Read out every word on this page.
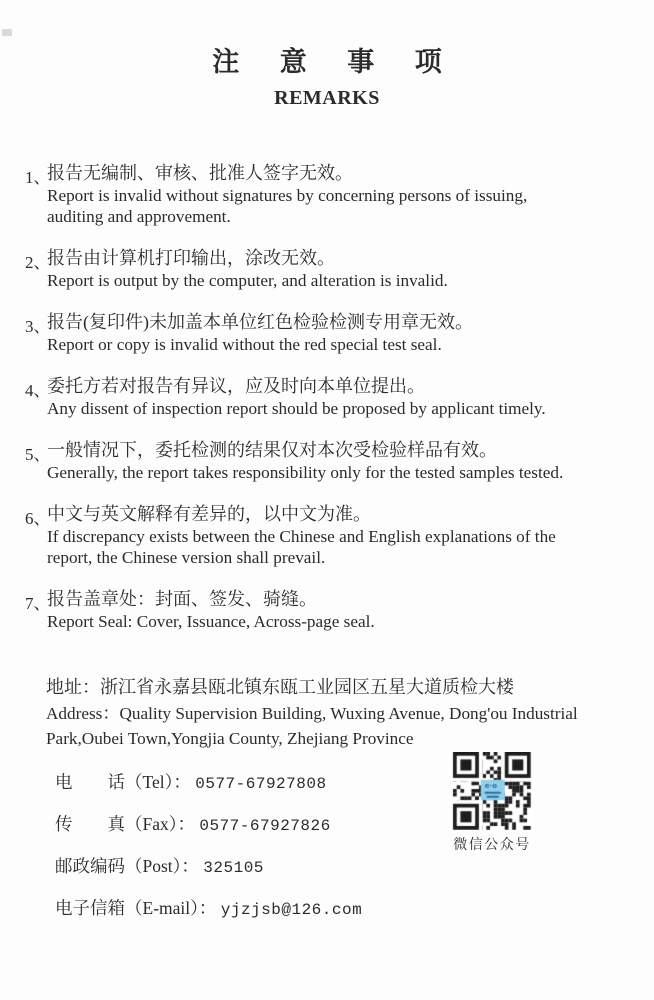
注意事项
REMARKS
1、
报告无编制、审核、批准人签字无效。
Report is invalid without signatures by concerning persons of issuing,
auditing and approvement.
2、
报告由计算机打印输出，涂改无效。
Report is output by the computer, and alteration is invalid.
3、
报告(复印件)未加盖本单位红色检验检测专用章无效。
Report or copy is invalid without the red special test seal.
4、
委托方若对报告有异议，应及时向本单位提出。
Any dissent of inspection report should be proposed by applicant timely.
5、
一般情况下，委托检测的结果仅对本次受检验样品有效。
Generally, the report takes responsibility only for the tested samples tested.
6、
中文与英文解释有差异的，以中文为准。
If discrepancy exists between the Chinese and English explanations of the
report, the Chinese version shall prevail.
7、
报告盖章处：封面、签发、骑缝。
Report Seal: Cover, Issuance, Across-page seal.
地址：浙江省永嘉县瓯北镇东瓯工业园区五星大道质检大楼
Address：Quality Supervision Building, Wuxing Avenue, Dong'ou Industrial
Park,Oubei Town,Yongjia County, Zhejiang Province
电　　话（Tel）： 0577-67927808
传　　真（Fax）： 0577-67927826
邮政编码（Post）： 325105
电子信箱（E-mail）： yjzjsb@126.com
微信公众号
